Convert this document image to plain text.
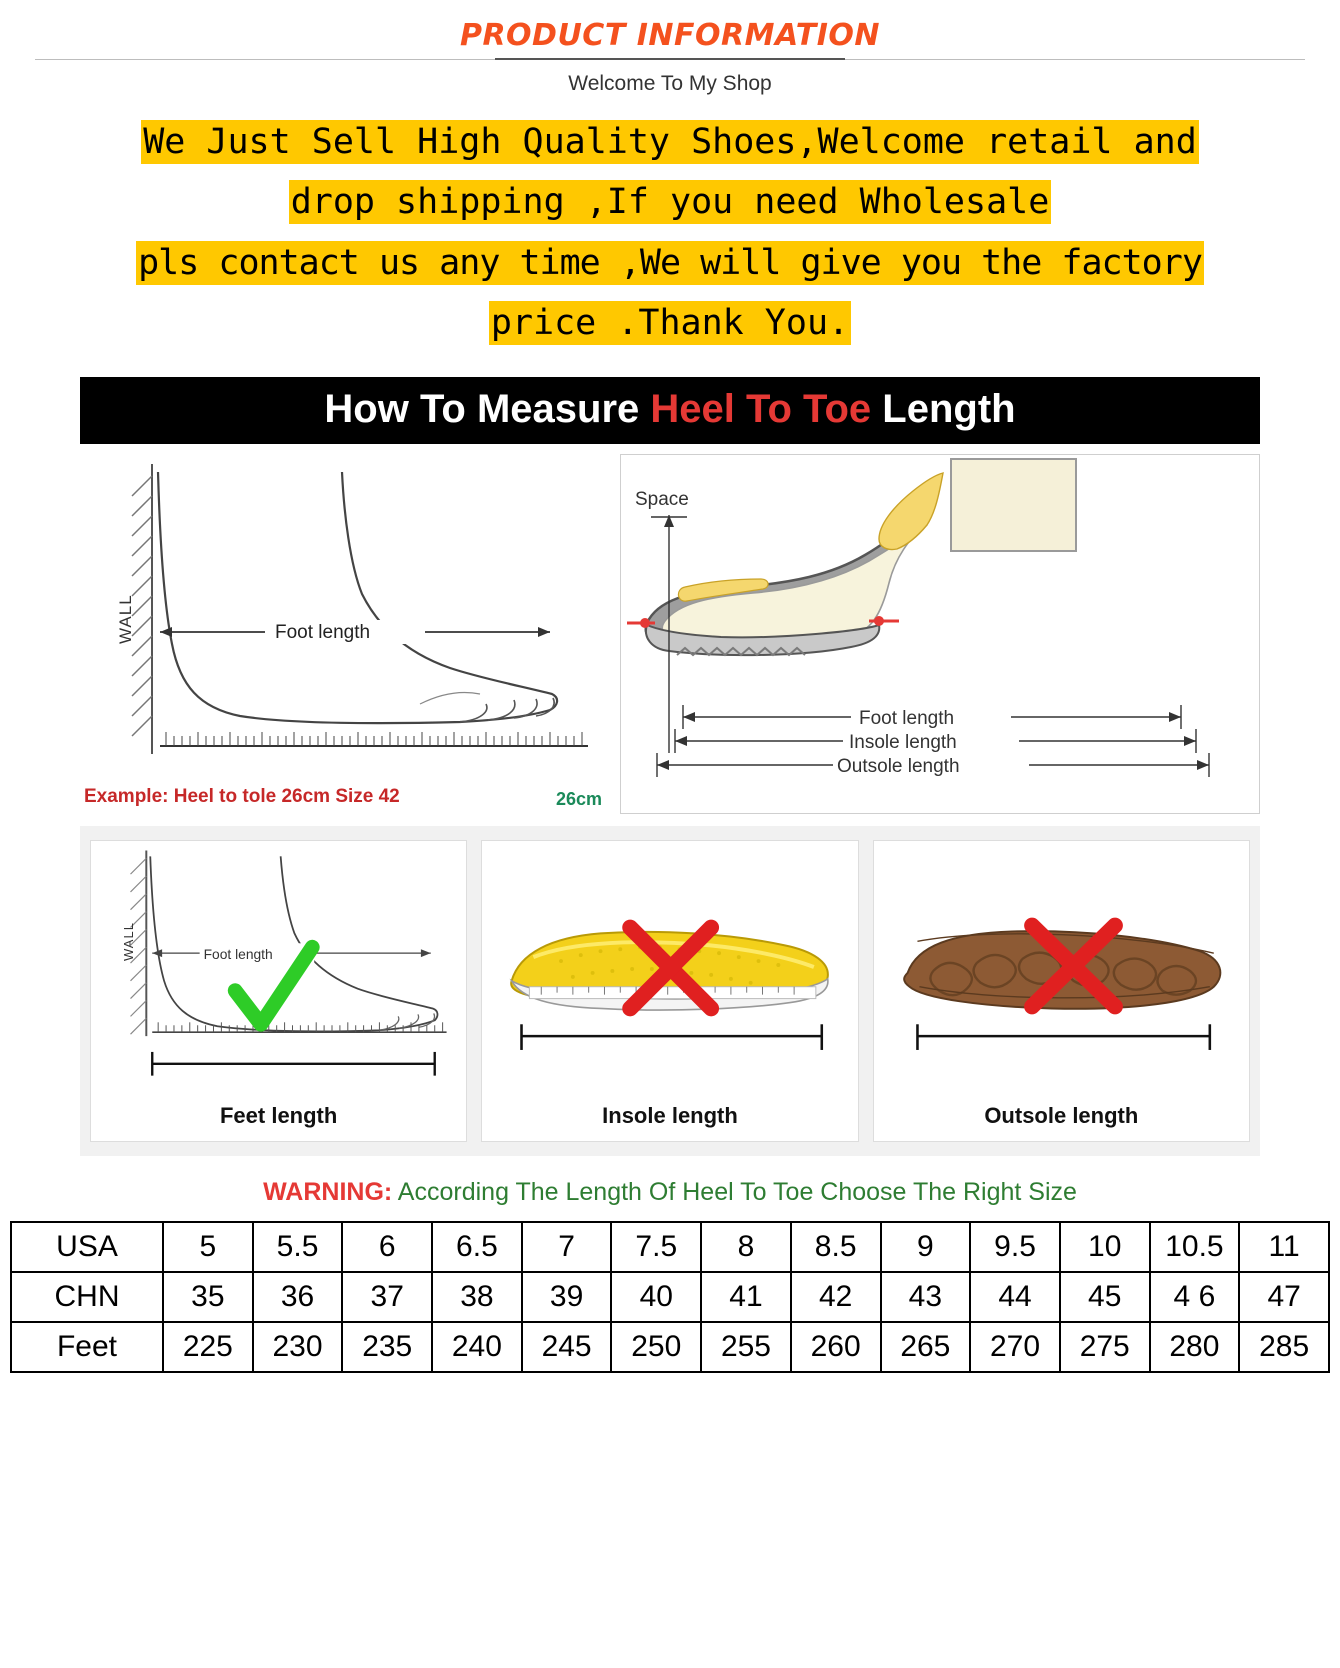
PRODUCT INFORMATION
Welcome To My Shop
We Just Sell High Quality Shoes,Welcome retail and
drop shipping ,If you need Wholesale
pls contact us any time ,We will give you the factory
price .Thank You.
How To Measure Heel To Toe Length
Foot length
WALL
Example: Heel to tole 26cm Size 42	26cm
Space
Foot length
Insole length
Outsole length
Foot length
WALL
Feet length	Insole length	Outsole length
WARNING: According The Length Of Heel To Toe Choose The Right Size
USA	5	5.5	6	6.5	7	7.5	8	8.5	9	9.5	10	10.5	11
CHN	35	36	37	38	39	40	41	42	43	44	45	4 6	47
Feet	225	230	235	240	245	250	255	260	265	270	275	280	285
